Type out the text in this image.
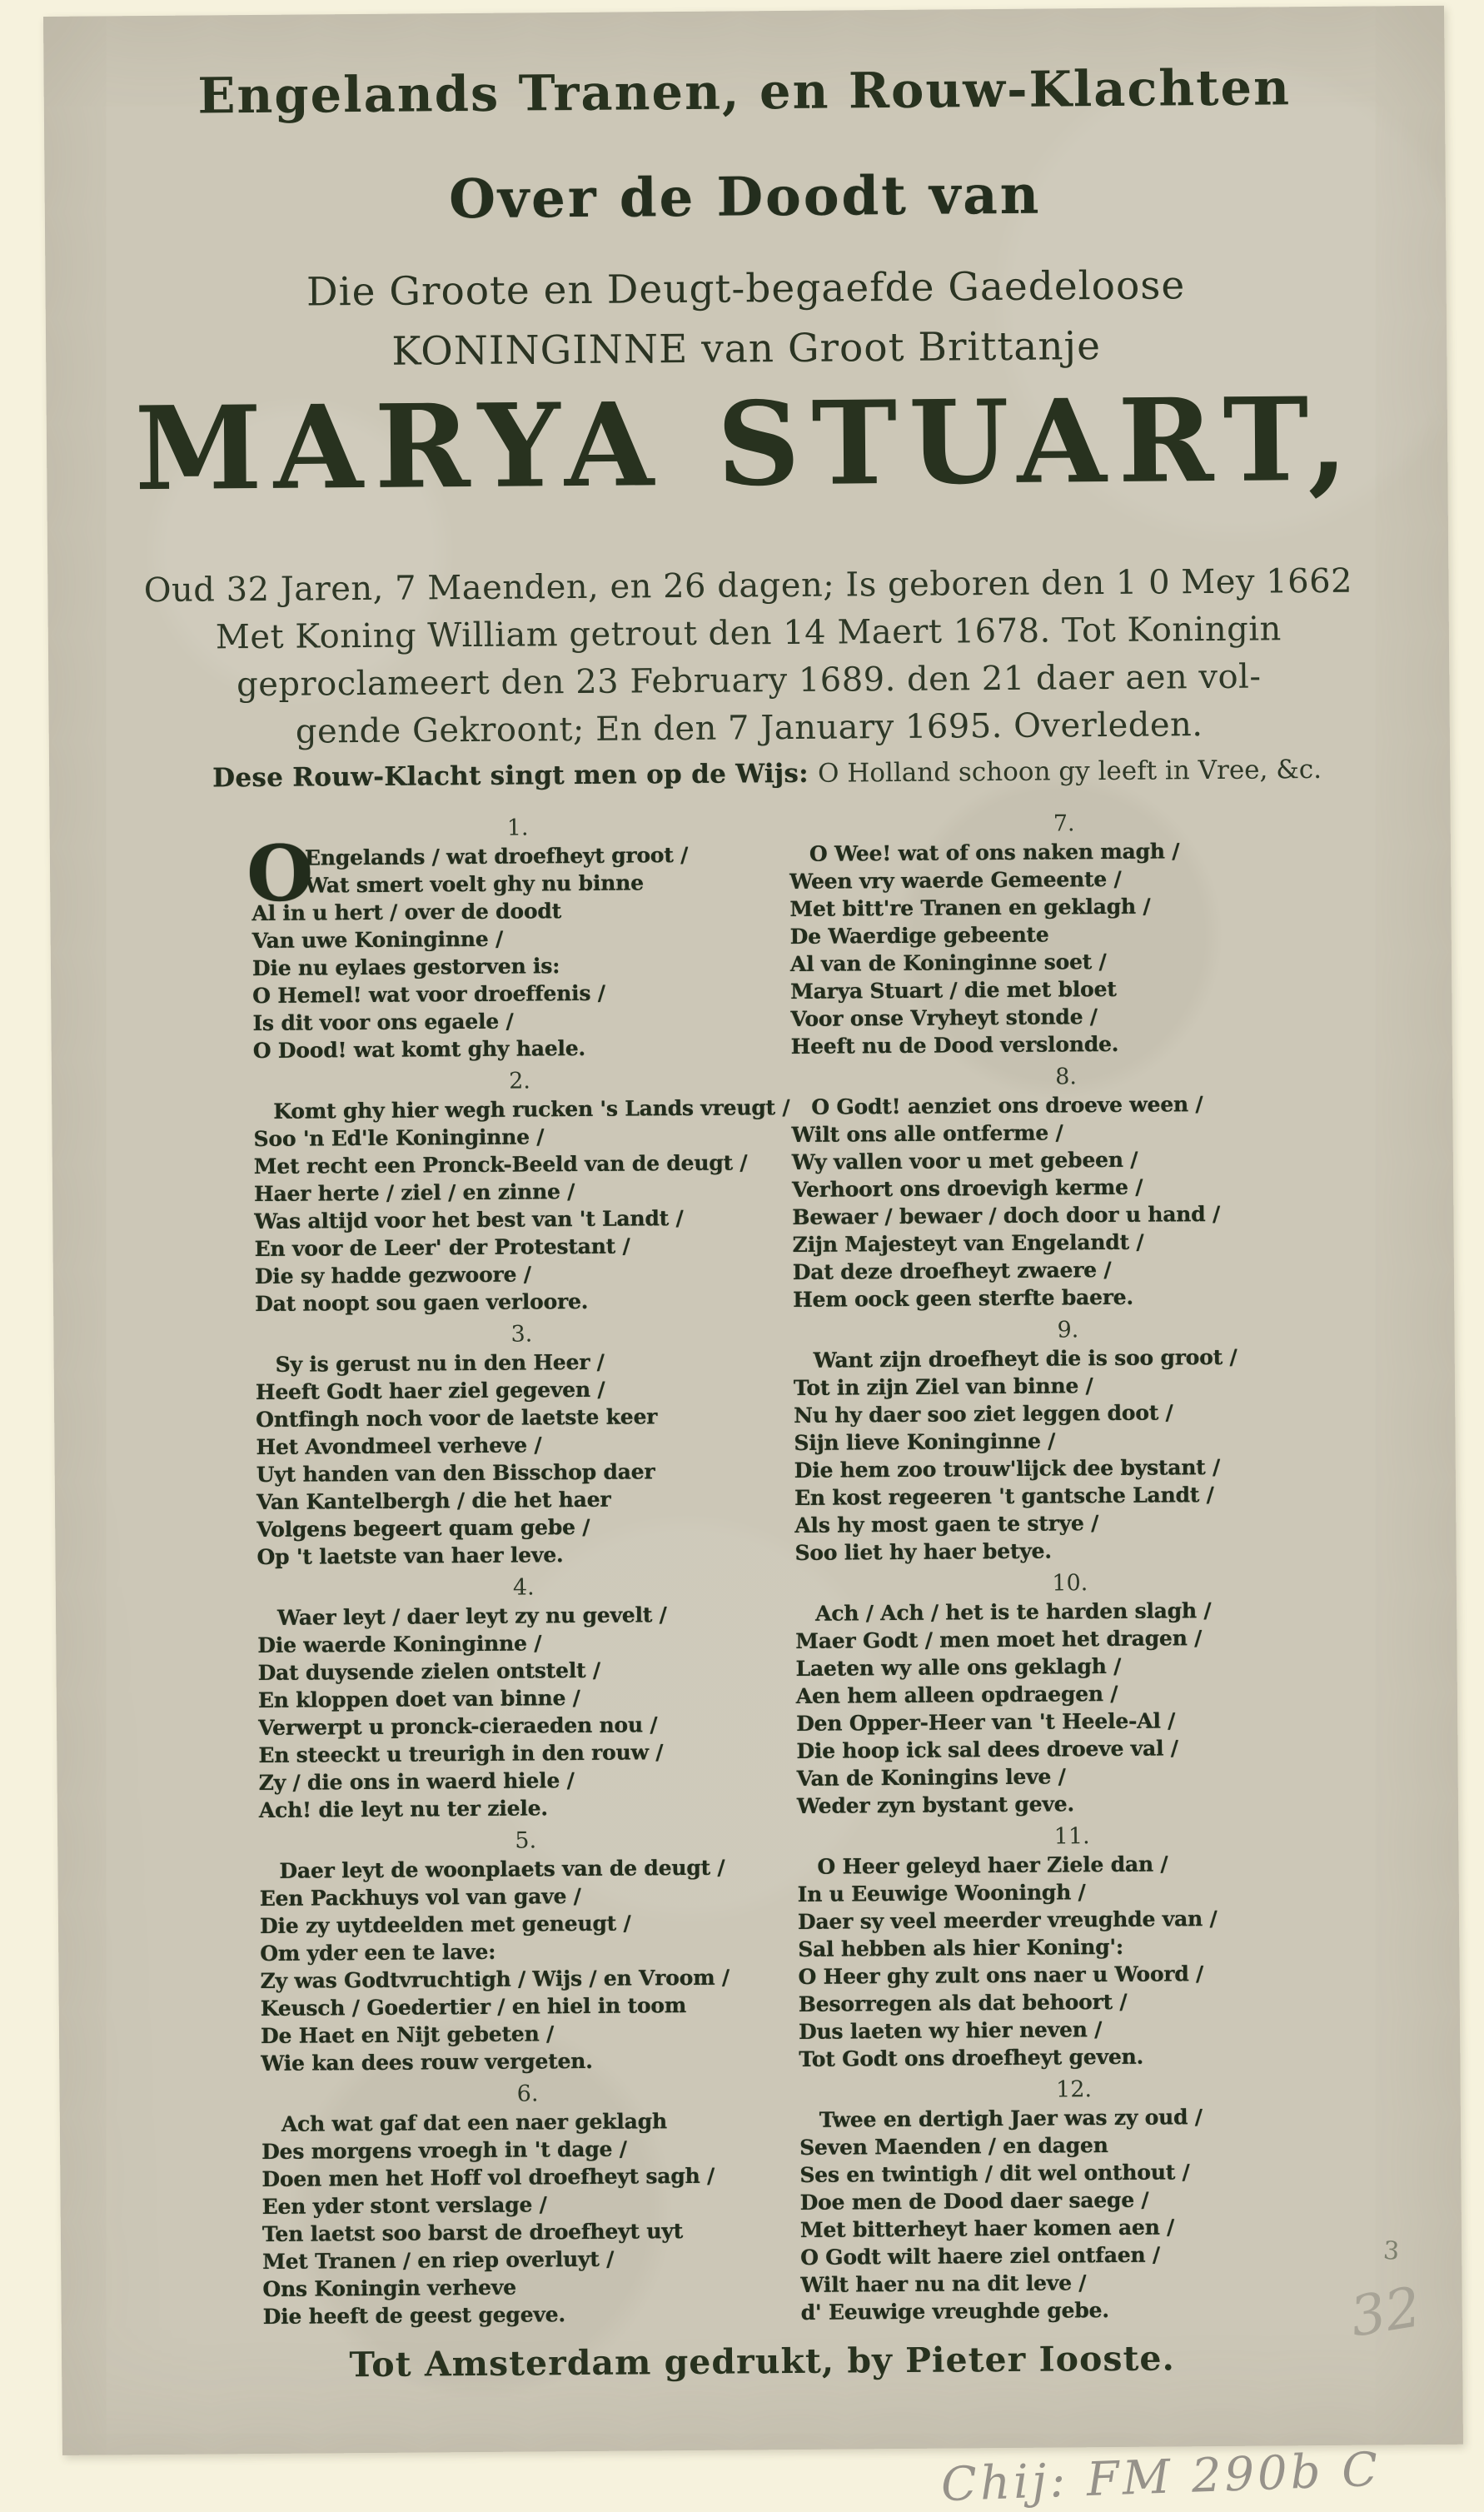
Engelands Tranen, en Rouw-Klachten
Over de Doodt van
Die Groote en Deugt-begaefde Gaedeloose
KONINGINNE van Groot Brittanje
MARYA STUART,
Oud 32 Jaren, 7 Maenden, en 26 dagen; Is geboren den 1 0 Mey 1662
Met Koning William getrout den 14 Maert 1678. Tot Koningin
geproclameert den 23 February 1689. den 21 daer aen vol-
gende Gekroont; En den 7 January 1695. Overleden.
Dese Rouw-Klacht singt men op de Wijs: O Holland schoon gy leeft in Vree, &c.
1.
O
Engelands / wat droefheyt groot /
Wat smert voelt ghy nu binne
Al in u hert / over de doodt
Van uwe Koninginne /
Die nu eylaes gestorven is:
O Hemel! wat voor droeffenis /
Is dit voor ons egaele /
O Dood! wat komt ghy haele.
2.
Komt ghy hier wegh rucken 's Lands vreugt /
Soo 'n Ed'le Koninginne /
Met recht een Pronck-Beeld van de deugt /
Haer herte / ziel / en zinne /
Was altijd voor het best van 't Landt /
En voor de Leer' der Protestant /
Die sy hadde gezwoore /
Dat noopt sou gaen verloore.
3.
Sy is gerust nu in den Heer /
Heeft Godt haer ziel gegeven /
Ontfingh noch voor de laetste keer
Het Avondmeel verheve /
Uyt handen van den Bisschop daer
Van Kantelbergh / die het haer
Volgens begeert quam gebe /
Op 't laetste van haer leve.
4.
Waer leyt / daer leyt zy nu gevelt /
Die waerde Koninginne /
Dat duysende zielen ontstelt /
En kloppen doet van binne /
Verwerpt u pronck-cieraeden nou /
En steeckt u treurigh in den rouw /
Zy / die ons in waerd hiele /
Ach! die leyt nu ter ziele.
5.
Daer leyt de woonplaets van de deugt /
Een Packhuys vol van gave /
Die zy uytdeelden met geneugt /
Om yder een te lave:
Zy was Godtvruchtigh / Wijs / en Vroom /
Keusch / Goedertier / en hiel in toom
De Haet en Nijt gebeten /
Wie kan dees rouw vergeten.
6.
Ach wat gaf dat een naer geklagh
Des morgens vroegh in 't dage /
Doen men het Hoff vol droefheyt sagh /
Een yder stont verslage /
Ten laetst soo barst de droefheyt uyt
Met Tranen / en riep overluyt /
Ons Koningin verheve
Die heeft de geest gegeve.
7.
O Wee! wat of ons naken magh /
Ween vry waerde Gemeente /
Met bitt're Tranen en geklagh /
De Waerdige gebeente
Al van de Koninginne soet /
Marya Stuart / die met bloet
Voor onse Vryheyt stonde /
Heeft nu de Dood verslonde.
8.
O Godt! aenziet ons droeve ween /
Wilt ons alle ontferme /
Wy vallen voor u met gebeen /
Verhoort ons droevigh kerme /
Bewaer / bewaer / doch door u hand /
Zijn Majesteyt van Engelandt /
Dat deze droefheyt zwaere /
Hem oock geen sterfte baere.
9.
Want zijn droefheyt die is soo groot /
Tot in zijn Ziel van binne /
Nu hy daer soo ziet leggen doot /
Sijn lieve Koninginne /
Die hem zoo trouw'lijck dee bystant /
En kost regeeren 't gantsche Landt /
Als hy most gaen te strye /
Soo liet hy haer betye.
10.
Ach / Ach / het is te harden slagh /
Maer Godt / men moet het dragen /
Laeten wy alle ons geklagh /
Aen hem alleen opdraegen /
Den Opper-Heer van 't Heele-Al /
Die hoop ick sal dees droeve val /
Van de Koningins leve /
Weder zyn bystant geve.
11.
O Heer geleyd haer Ziele dan /
In u Eeuwige Wooningh /
Daer sy veel meerder vreughde van /
Sal hebben als hier Koning':
O Heer ghy zult ons naer u Woord /
Besorregen als dat behoort /
Dus laeten wy hier neven /
Tot Godt ons droefheyt geven.
12.
Twee en dertigh Jaer was zy oud /
Seven Maenden / en dagen
Ses en twintigh / dit wel onthout /
Doe men de Dood daer saege /
Met bitterheyt haer komen aen /
O Godt wilt haere ziel ontfaen /
Wilt haer nu na dit leve /
d' Eeuwige vreughde gebe.
Tot Amsterdam gedrukt, by Pieter Iooste.
32
3
Chij: FM 290b C
